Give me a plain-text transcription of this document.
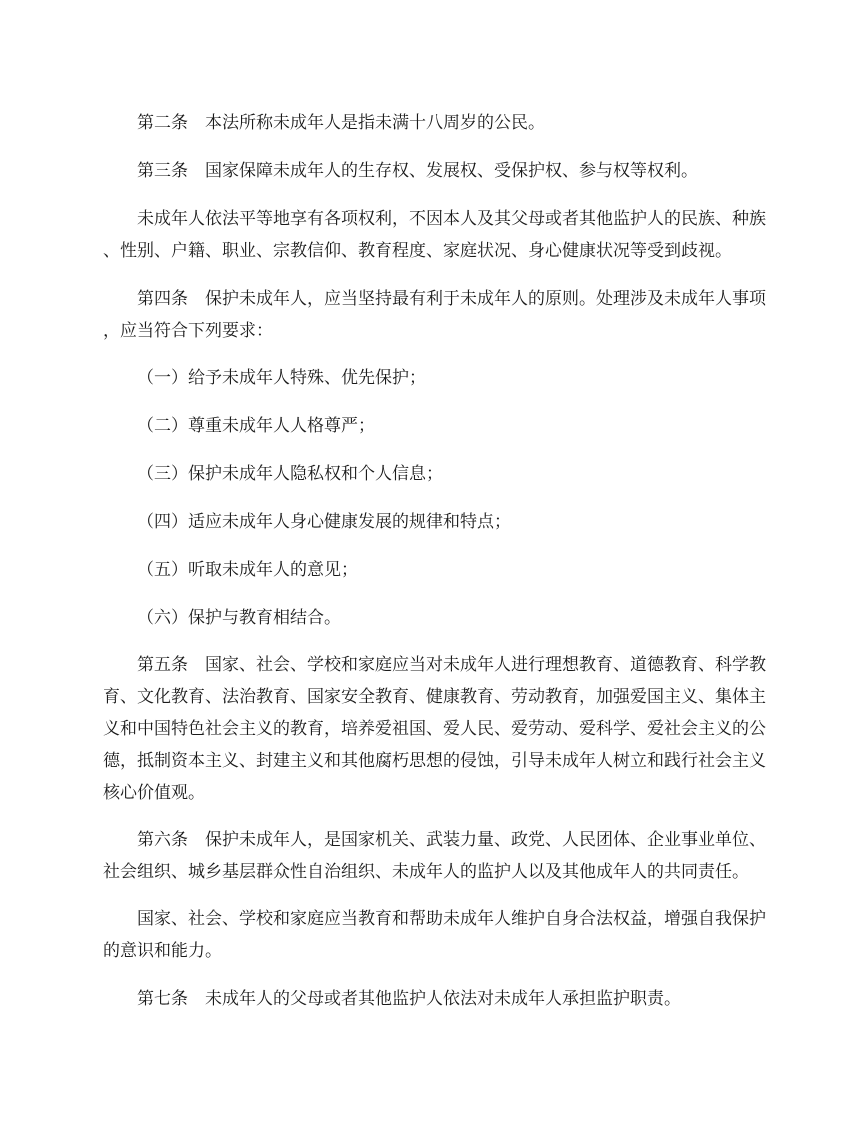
第二条　本法所称未成年人是指未满十八周岁的公民。
第三条　国家保障未成年人的生存权、发展权、受保护权、参与权等权利。
未成年人依法平等地享有各项权利，不因本人及其父母或者其他监护人的民族、种族
、性别、户籍、职业、宗教信仰、教育程度、家庭状况、身心健康状况等受到歧视。
第四条　保护未成年人，应当坚持最有利于未成年人的原则。处理涉及未成年人事项
，应当符合下列要求：
（一）给予未成年人特殊、优先保护；
（二）尊重未成年人人格尊严；
（三）保护未成年人隐私权和个人信息；
（四）适应未成年人身心健康发展的规律和特点；
（五）听取未成年人的意见；
（六）保护与教育相结合。
第五条　国家、社会、学校和家庭应当对未成年人进行理想教育、道德教育、科学教
育、文化教育、法治教育、国家安全教育、健康教育、劳动教育，加强爱国主义、集体主
义和中国特色社会主义的教育，培养爱祖国、爱人民、爱劳动、爱科学、爱社会主义的公
德，抵制资本主义、封建主义和其他腐朽思想的侵蚀，引导未成年人树立和践行社会主义
核心价值观。
第六条　保护未成年人，是国家机关、武装力量、政党、人民团体、企业事业单位、
社会组织、城乡基层群众性自治组织、未成年人的监护人以及其他成年人的共同责任。
国家、社会、学校和家庭应当教育和帮助未成年人维护自身合法权益，增强自我保护
的意识和能力。
第七条　未成年人的父母或者其他监护人依法对未成年人承担监护职责。
